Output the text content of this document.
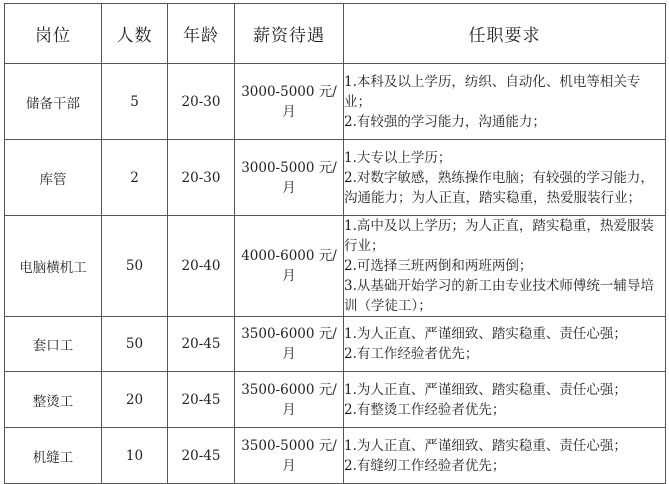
岗位	人数	年龄	薪资待遇	任职要求
储备干部	5	20-30	3000-5000 元/月	1.本科及以上学历，纺织、自动化、机电等相关专业；
2.有较强的学习能力，沟通能力；

库管	2	20-30	3000-5000 元/月	1.大专以上学历；
2.对数字敏感，熟练操作电脑；有较强的学习能力，沟通能力；为人正直，踏实稳重，热爱服装行业；

电脑横机工	50	20-40	4000-6000 元/月	1.高中及以上学历；为人正直，踏实稳重，热爱服装行业；
2.可选择三班两倒和两班两倒；
3.从基础开始学习的新工由专业技术师傅统一辅导培训（学徒工）；

套口工	50	20-45	3500-6000 元/月	1.为人正直、严谨细致、踏实稳重、责任心强；
2.有工作经验者优先；

整烫工	20	20-45	3500-6000 元/月	1.为人正直、严谨细致、踏实稳重、责任心强；
2.有整烫工作经验者优先；

机缝工	10	20-45	3500-5000 元/月	1.为人正直、严谨细致、踏实稳重、责任心强；
2.有缝纫工作经验者优先；
